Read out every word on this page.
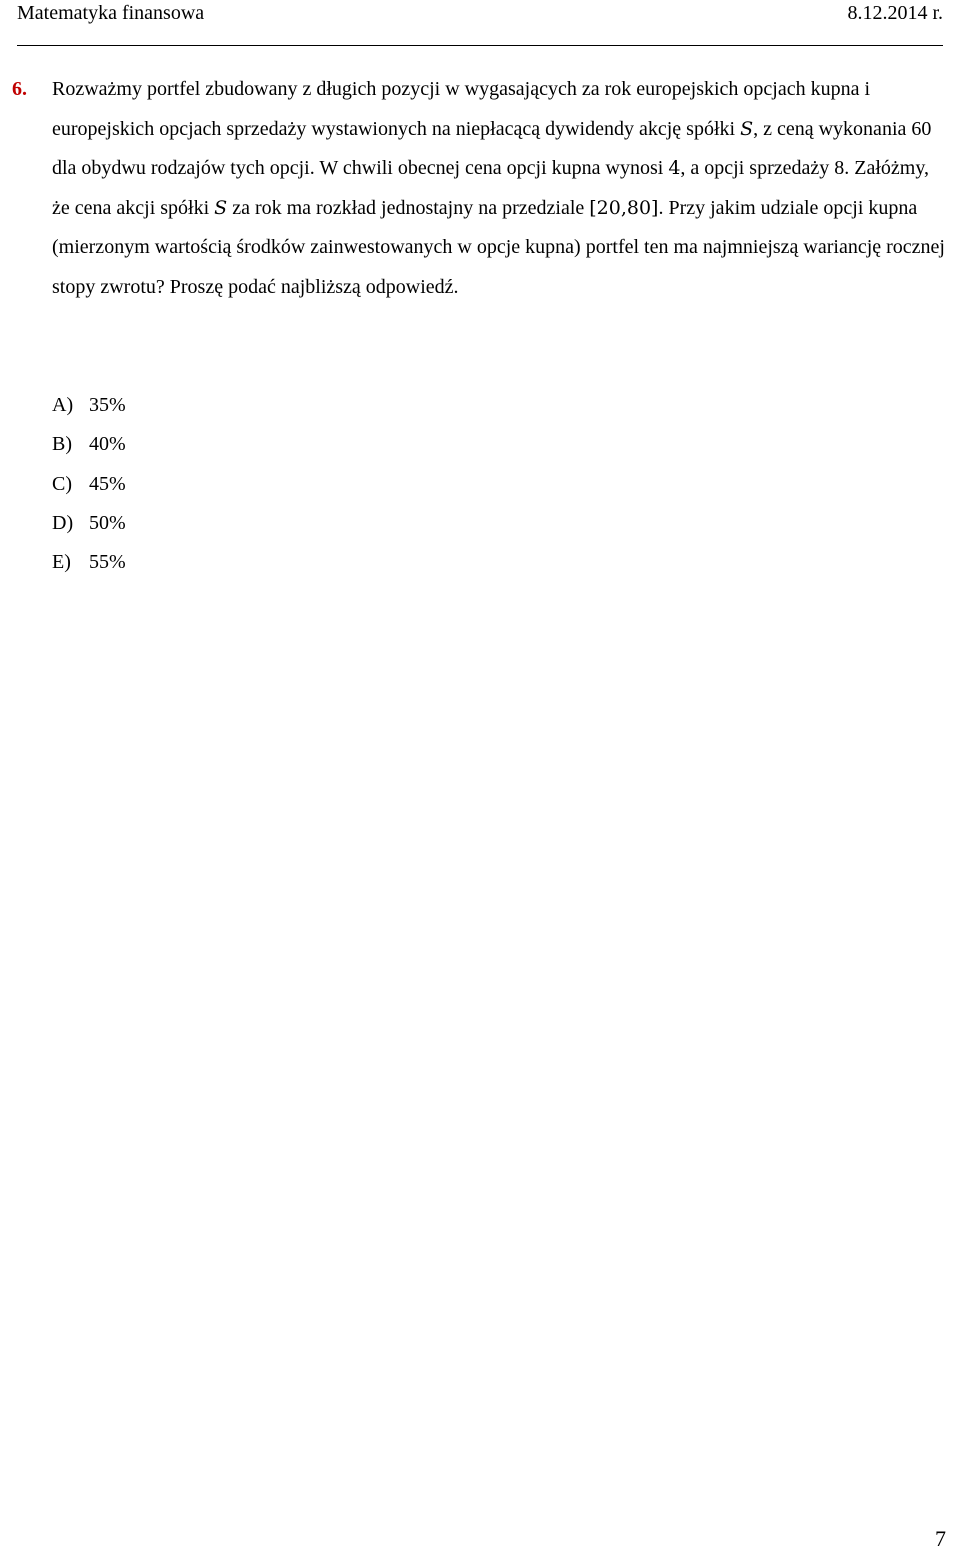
Matematyka finansowa	8.12.2014 r.
6. Rozważmy portfel zbudowany z długich pozycji w wygasających za rok europejskich opcjach kupna i europejskich opcjach sprzedaży wystawionych na niepłacącą dywidendy akcję spółki S, z ceną wykonania 60 dla obydwu rodzajów tych opcji. W chwili obecnej cena opcji kupna wynosi 4, a opcji sprzedaży 8. Załóżmy, że cena akcji spółki S za rok ma rozkład jednostajny na przedziale [20,80]. Przy jakim udziale opcji kupna (mierzonym wartością środków zainwestowanych w opcje kupna) portfel ten ma najmniejszą wariancję rocznej stopy zwrotu? Proszę podać najbliższą odpowiedź.
A) 35%
B) 40%
C) 45%
D) 50%
E) 55%
7
